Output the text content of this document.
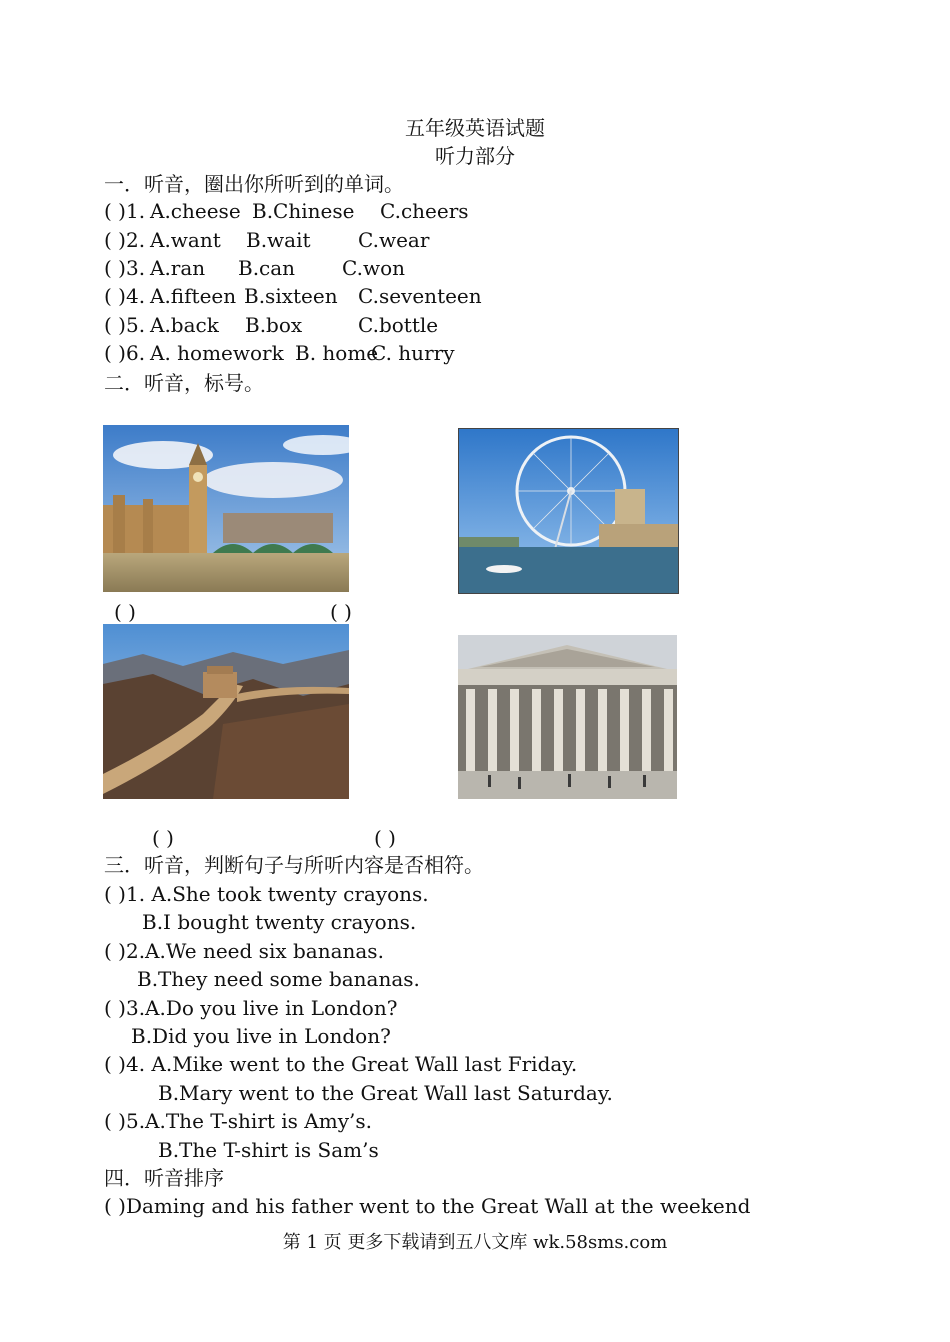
五年级英语试题
听力部分
一．听音，圈出你所听到的单词。
( )1. A.cheese B.Chinese C.cheers
( )2. A.want B.wait C.wear
( )3. A.ran B.can C.won
( )4. A.fifteen B.sixteen C.seventeen
( )5. A.back B.box	C.bottle
( )6. A. homework B. home
C. hurry
二．听音，标号。
( )	( )
( )	( )
三．听音，判断句子与所听内容是否相符。
( )1. A.She took twenty crayons.
B.I bought twenty crayons.
( )2.A.We need six bananas.
B.They need some bananas.
( )3.A.Do you live in London?
B.Did you live in London?
( )4. A.Mike went to the Great Wall last Friday.
B.Mary went to the Great Wall last Saturday.
( )5.A.The T-shirt is Amy’s.
B.The T-shirt is Sam’s
四．听音排序
( )Daming and his father went to the Great Wall at the weekend
第 1 页 更多下载请到五八文库 wk.58sms.com
